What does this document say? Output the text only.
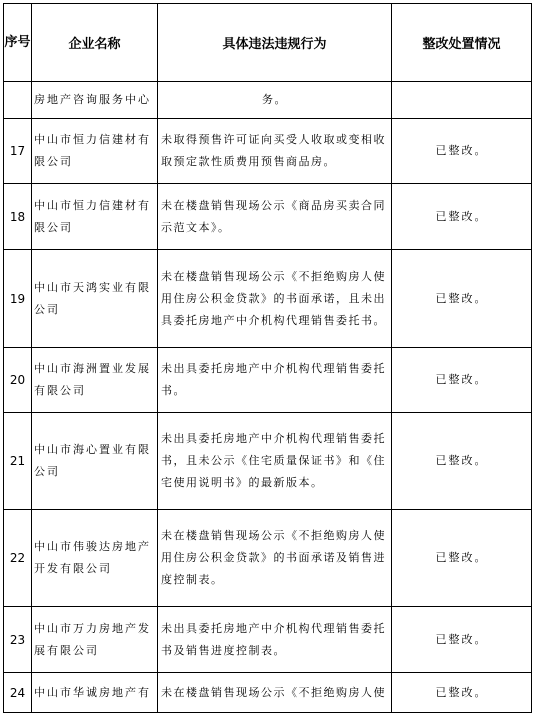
序号	企业名称	具体违法违规行为	整改处置情况
	房地产咨询服务中心	务。	
17	中山市恒力信建材有限公司	未取得预售许可证向买受人收取或变相收取预定款性质费用预售商品房。	已整改。
18	中山市恒力信建材有限公司	未在楼盘销售现场公示《商品房买卖合同示范文本》。	已整改。
19	中山市天鸿实业有限公司	未在楼盘销售现场公示《不拒绝购房人使用住房公积金贷款》的书面承诺，且未出具委托房地产中介机构代理销售委托书。	已整改。
20	中山市海洲置业发展有限公司	未出具委托房地产中介机构代理销售委托书。	已整改。
21	中山市海心置业有限公司	未出具委托房地产中介机构代理销售委托书，且未公示《住宅质量保证书》和《住宅使用说明书》的最新版本。	已整改。
22	中山市伟骏达房地产开发有限公司	未在楼盘销售现场公示《不拒绝购房人使用住房公积金贷款》的书面承诺及销售进度控制表。	已整改。
23	中山市万力房地产发展有限公司	未出具委托房地产中介机构代理销售委托书及销售进度控制表。	已整改。
24	中山市华诚房地产有	未在楼盘销售现场公示《不拒绝购房人使	已整改。
